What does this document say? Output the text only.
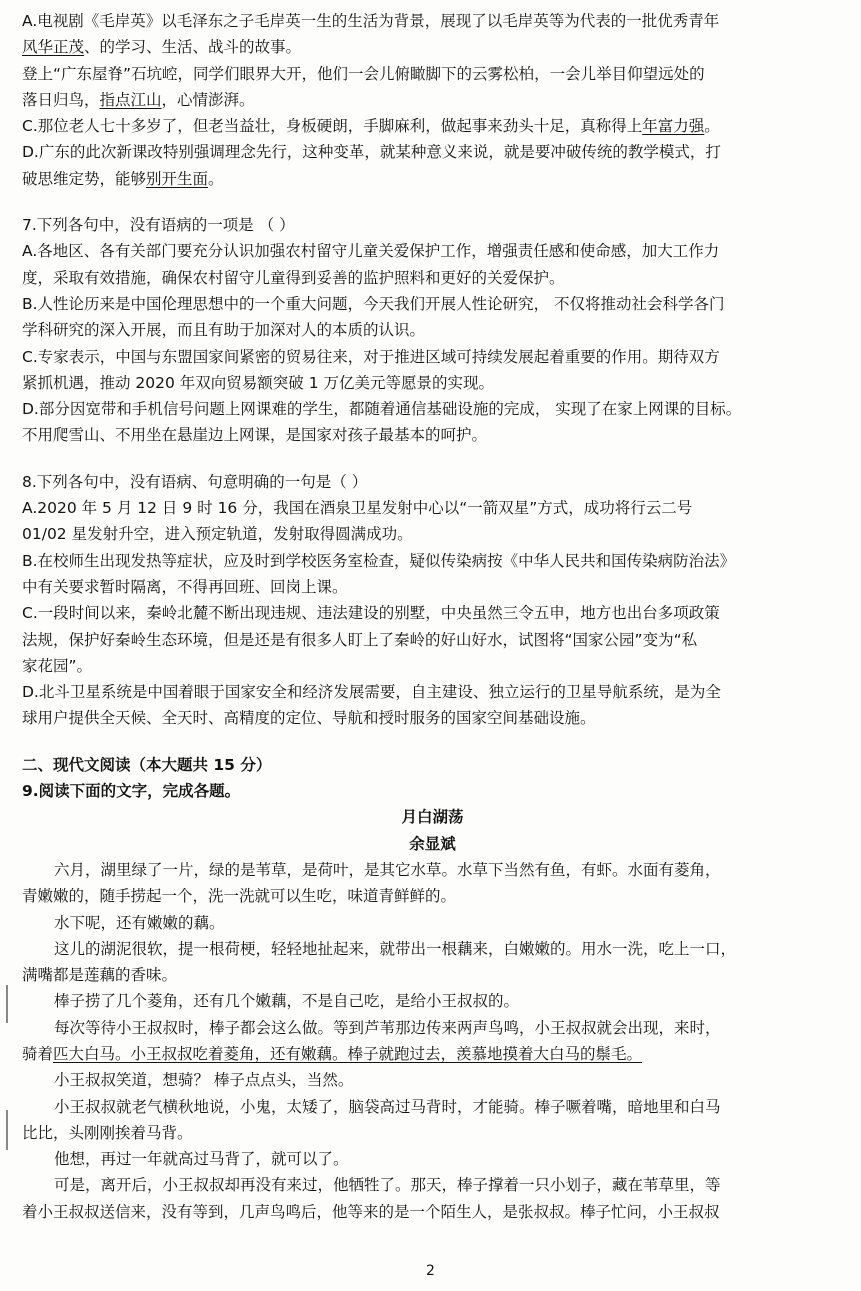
A.电视剧《毛岸英》以毛泽东之子毛岸英一生的生活为背景，展现了以毛岸英等为代表的一批优秀青年
风华正茂、的学习、生活、战斗的故事。
登上“广东屋脊”石坑崆，同学们眼界大开，他们一会儿俯瞰脚下的云雾松柏，一会儿举目仰望远处的
落日归鸟，指点江山，心情澎湃。
C.那位老人七十多岁了，但老当益壮，身板硬朗，手脚麻利，做起事来劲头十足，真称得上年富力强。
D.广东的此次新课改特别强调理念先行，这种变革，就某种意义来说，就是要冲破传统的教学模式，打
破思维定势，能够别开生面。
7.下列各句中，没有语病的一项是 （ ）
A.各地区、各有关部门要充分认识加强农村留守儿童关爱保护工作，增强责任感和使命感，加大工作力
度，采取有效措施，确保农村留守儿童得到妥善的监护照料和更好的关爱保护。
B.人性论历来是中国伦理思想中的一个重大问题，今天我们开展人性论研究， 不仅将推动社会科学各门
学科研究的深入开展，而且有助于加深对人的本质的认识。
C.专家表示，中国与东盟国家间紧密的贸易往来，对于推进区域可持续发展起着重要的作用。期待双方
紧抓机遇，推动 2020 年双向贸易额突破 1 万亿美元等愿景的实现。
D.部分因宽带和手机信号问题上网课难的学生，都随着通信基础设施的完成， 实现了在家上网课的目标。
不用爬雪山、不用坐在悬崖边上网课，是国家对孩子最基本的呵护。
8.下列各句中，没有语病、句意明确的一句是（ ）
A.2020 年 5 月 12 日 9 时 16 分，我国在酒泉卫星发射中心以“一箭双星”方式，成功将行云二号
01/02 星发射升空，进入预定轨道，发射取得圆满成功。
B.在校师生出现发热等症状，应及时到学校医务室检查，疑似传染病按《中华人民共和国传染病防治法》
中有关要求暂时隔离，不得再回班、回岗上课。
C.一段时间以来，秦岭北麓不断出现违规、违法建设的别墅，中央虽然三令五申，地方也出台多项政策
法规，保护好秦岭生态环境，但是还是有很多人盯上了秦岭的好山好水，试图将“国家公园”变为“私
家花园”。
D.北斗卫星系统是中国着眼于国家安全和经济发展需要，自主建设、独立运行的卫星导航系统，是为全
球用户提供全天候、全天时、高精度的定位、导航和授时服务的国家空间基础设施。
二、现代文阅读（本大题共 15 分）
9.阅读下面的文字，完成各题。
月白湖荡
余显斌
六月，湖里绿了一片，绿的是苇草，是荷叶，是其它水草。水草下当然有鱼，有虾。水面有菱角，
青嫩嫩的，随手捞起一个，洗一洗就可以生吃，味道青鲜鲜的。
水下呢，还有嫩嫩的藕。
这儿的湖泥很软，提一根荷梗，轻轻地扯起来，就带出一根藕来，白嫩嫩的。用水一洗，吃上一口，
满嘴都是莲藕的香味。
棒子捞了几个菱角，还有几个嫩藕，不是自己吃，是给小王叔叔的。
每次等待小王叔叔时，棒子都会这么做。等到芦苇那边传来两声鸟鸣，小王叔叔就会出现，来时，
骑着匹大白马。小王叔叔吃着菱角，还有嫩藕。棒子就跑过去，羡慕地摸着大白马的鬃毛。
小王叔叔笑道，想骑？ 棒子点点头，当然。
小王叔叔就老气横秋地说，小鬼，太矮了，脑袋高过马背时，才能骑。棒子噘着嘴，暗地里和白马
比比，头刚刚挨着马背。
他想，再过一年就高过马背了，就可以了。
可是，离开后，小王叔叔却再没有来过，他牺牲了。那天，棒子撑着一只小划子，藏在苇草里，等
着小王叔叔送信来，没有等到，几声鸟鸣后，他等来的是一个陌生人，是张叔叔。棒子忙问，小王叔叔
2
